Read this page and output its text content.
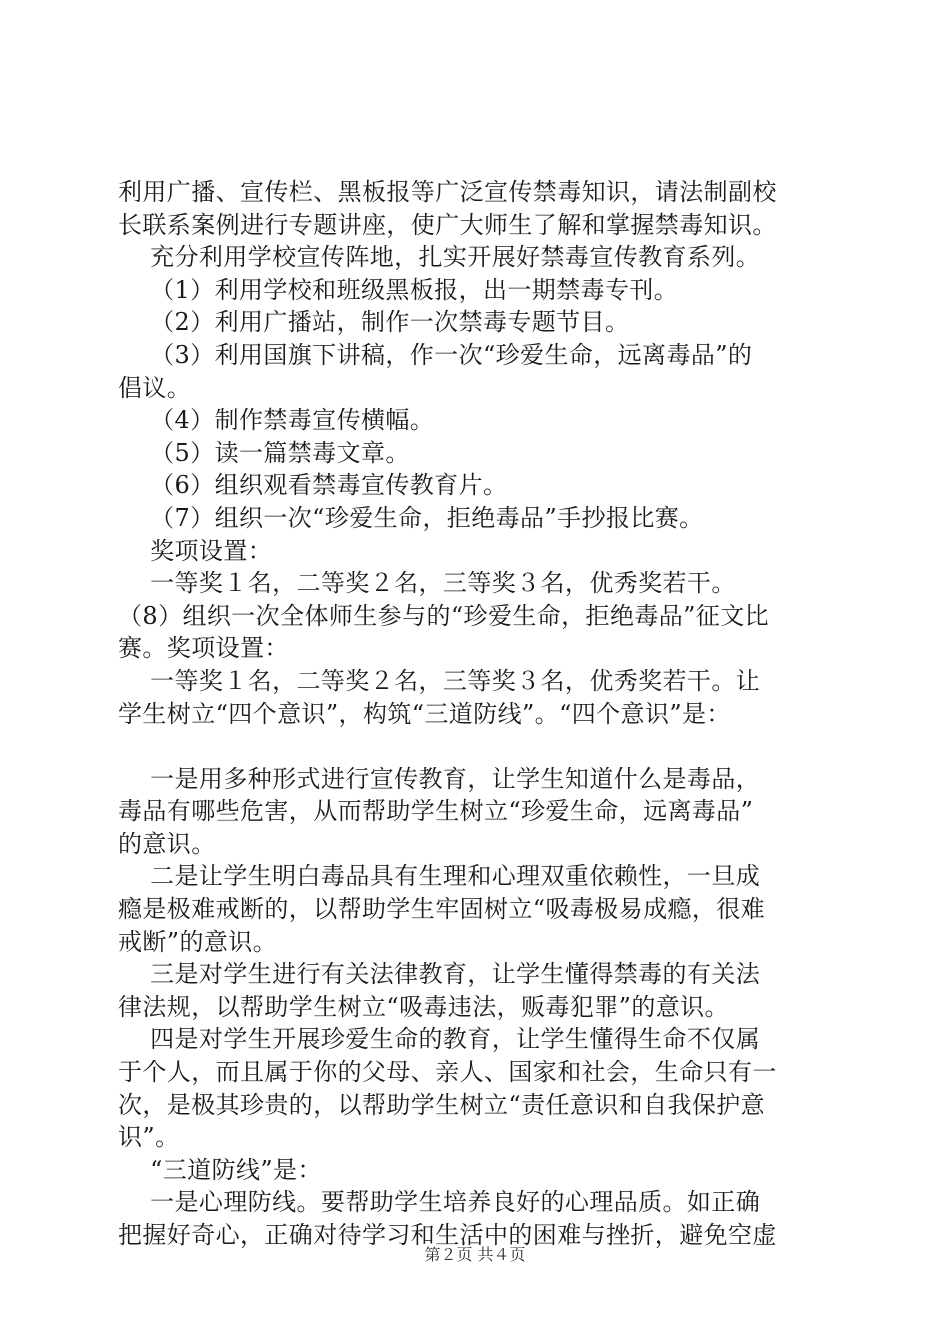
利用广播、宣传栏、黑板报等广泛宣传禁毒知识，请法制副校
长联系案例进行专题讲座，使广大师生了解和掌握禁毒知识。
充分利用学校宣传阵地，扎实开展好禁毒宣传教育系列。
（1）利用学校和班级黑板报，出一期禁毒专刊。
（2）利用广播站，制作一次禁毒专题节目。
（3）利用国旗下讲稿，作一次“珍爱生命，远离毒品”的
倡议。
（4）制作禁毒宣传横幅。
（5）读一篇禁毒文章。
（6）组织观看禁毒宣传教育片。
（7）组织一次“珍爱生命，拒绝毒品”手抄报比赛。
奖项设置：
一等奖１名，二等奖２名，三等奖３名，优秀奖若干。
（8）组织一次全体师生参与的“珍爱生命，拒绝毒品”征文比
赛。奖项设置：
一等奖１名，二等奖２名，三等奖３名，优秀奖若干。让
学生树立“四个意识”，构筑“三道防线”。“四个意识”是：
一是用多种形式进行宣传教育，让学生知道什么是毒品，
毒品有哪些危害，从而帮助学生树立“珍爱生命，远离毒品”
的意识。
二是让学生明白毒品具有生理和心理双重依赖性，一旦成
瘾是极难戒断的，以帮助学生牢固树立“吸毒极易成瘾，很难
戒断”的意识。
三是对学生进行有关法律教育，让学生懂得禁毒的有关法
律法规，以帮助学生树立“吸毒违法，贩毒犯罪”的意识。
四是对学生开展珍爱生命的教育，让学生懂得生命不仅属
于个人，而且属于你的父母、亲人、国家和社会，生命只有一
次，是极其珍贵的，以帮助学生树立“责任意识和自我保护意
识”。
“三道防线”是：
一是心理防线。要帮助学生培养良好的心理品质。如正确
把握好奇心，正确对待学习和生活中的困难与挫折，避免空虚
第２页 共４页
